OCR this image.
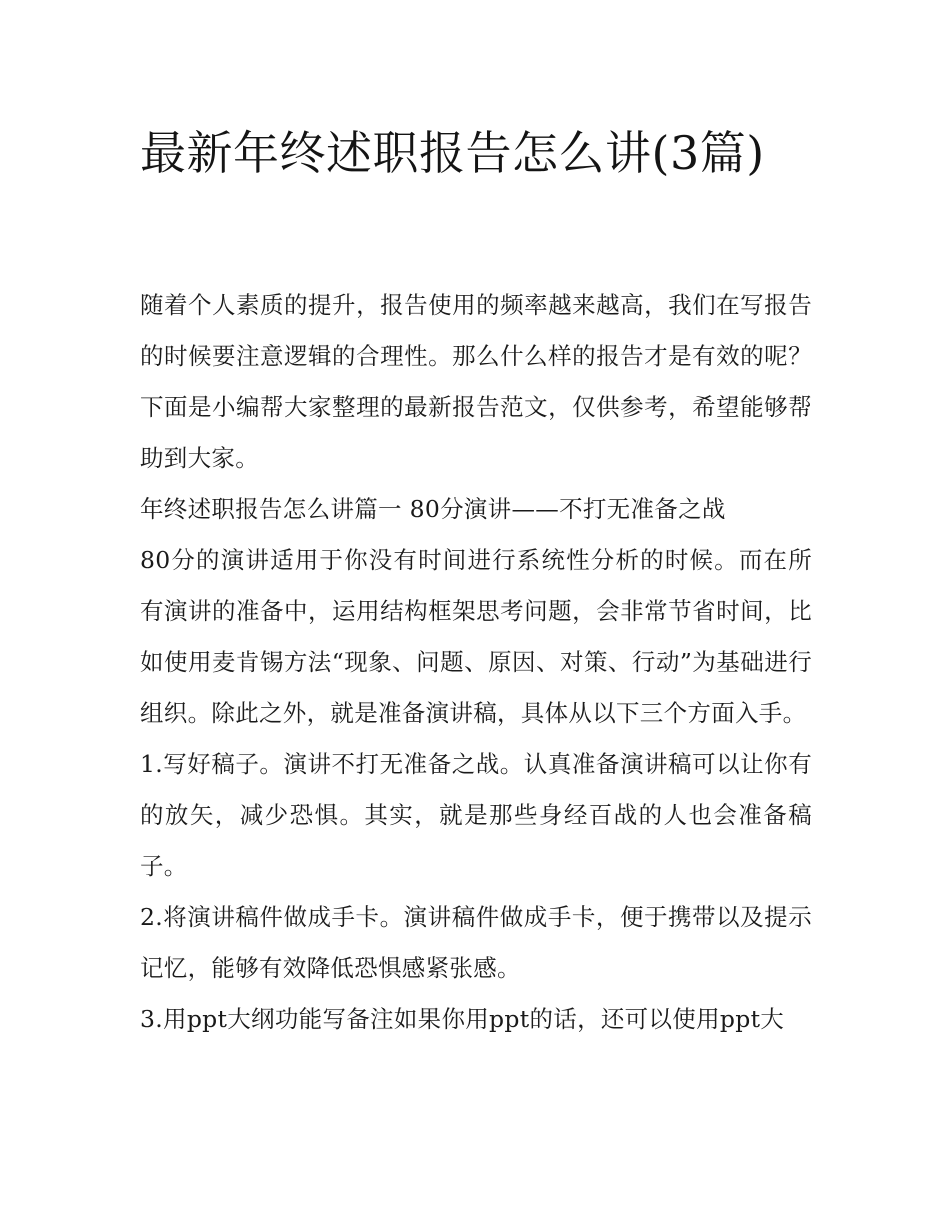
最新年终述职报告怎么讲(3篇)

随着个人素质的提升，报告使用的频率越来越高，我们在写报告的时候要注意逻辑的合理性。那么什么样的报告才是有效的呢？下面是小编帮大家整理的最新报告范文，仅供参考，希望能够帮助到大家。

年终述职报告怎么讲篇一 80分演讲——不打无准备之战

80分的演讲适用于你没有时间进行系统性分析的时候。而在所有演讲的准备中，运用结构框架思考问题，会非常节省时间，比如使用麦肯锡方法“现象、问题、原因、对策、行动”为基础进行组织。除此之外，就是准备演讲稿，具体从以下三个方面入手。

1.写好稿子。演讲不打无准备之战。认真准备演讲稿可以让你有的放矢，减少恐惧。其实，就是那些身经百战的人也会准备稿子。

2.将演讲稿件做成手卡。演讲稿件做成手卡，便于携带以及提示记忆，能够有效降低恐惧感紧张感。

3.用ppt大纲功能写备注如果你用ppt的话，还可以使用ppt大
